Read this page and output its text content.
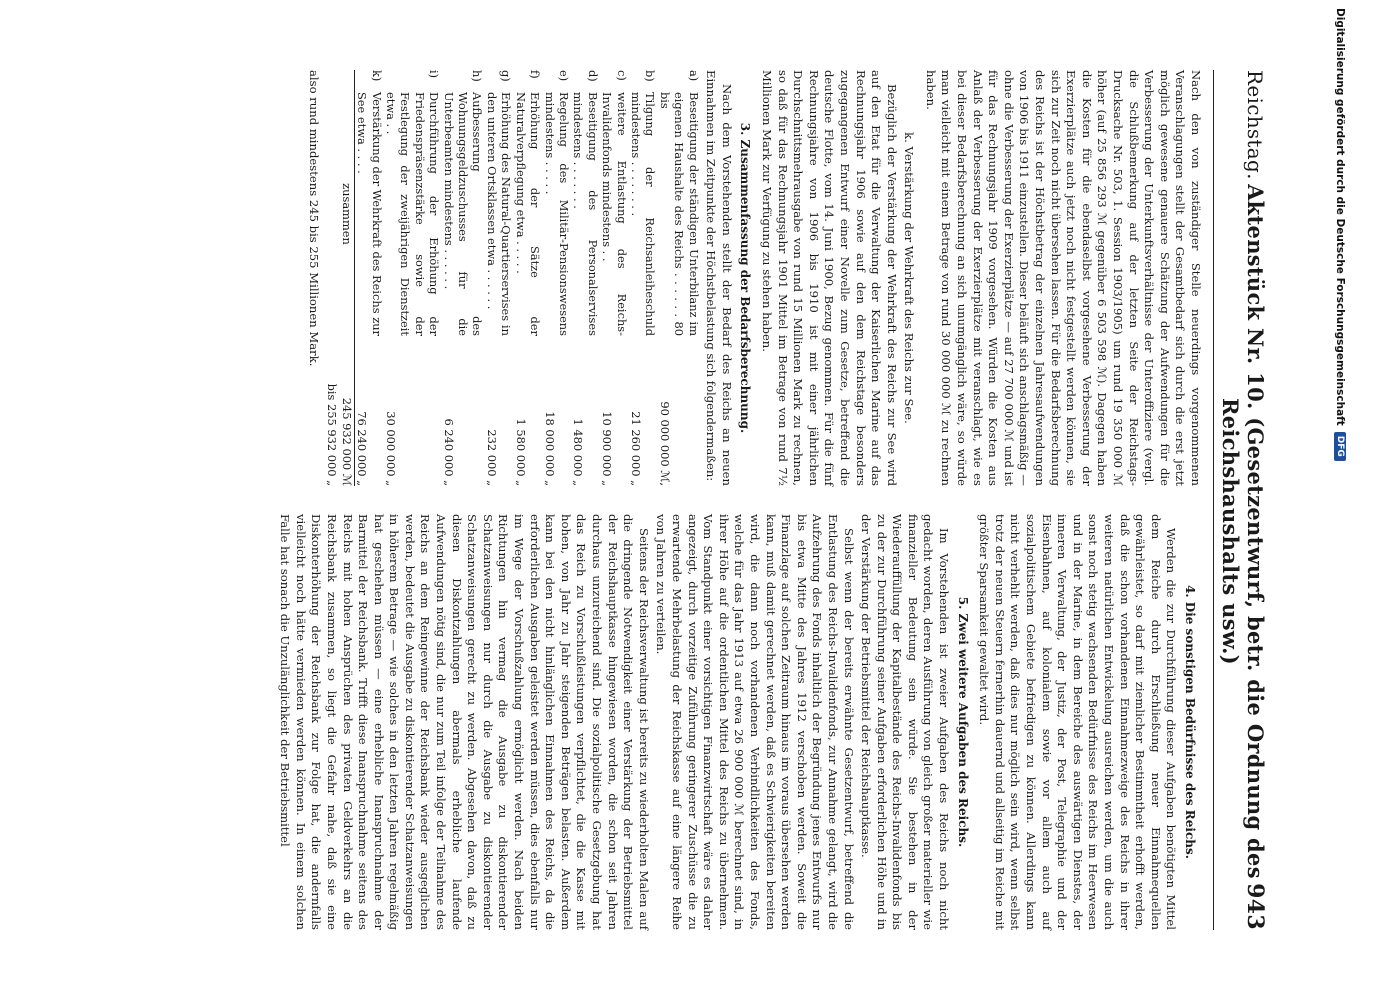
Reichstag.
Aktenstück Nr. 10. (Gesetzentwurf, betr. die Ordnung des Reichshaushalts usw.)
943

Nach den von zuständiger Stelle neuerdings vorgenommenen Veranschlagungen stellt der Gesamtbedarf sich durch die erst jetzt möglich gewesene genauere Schätzung der Aufwendungen für die Verbesserung der Unterkunftsverhältnisse der Unteroffiziere (vergl. die Schlußbemerkung auf der letzten Seite der Reichstags-Drucksache Nr. 503, 1. Session 1903/1905) um rund 19 350 000 ℳ höher (auf 25 856 293 ℳ gegenüber 6 503 598 ℳ). Dagegen haben die Kosten für die ebendaselbst vorgesehene Verbesserung der Exerzierplätze auch jetzt noch nicht festgestellt werden können, sie sich zur Zeit noch nicht übersehen lassen. Für die Bedarfsberechnung des Reichs ist der Höchstbetrag der einzelnen Jahresaufwendungen von 1906 bis 1911 einzustellen. Dieser beläuft sich anschlagsmäßig — ohne die Verbesserung der Exerzierplätze — auf 27 700 000 ℳ und ist für das Rechnungsjahr 1909 vorgesehen. Würden die Kosten aus Anlaß der Verbesserung der Exerzierplätze mit veranschlagt, wie es bei dieser Bedarfsberechnung an sich unumgänglich wäre, so würde man vielleicht mit einem Betrage von rund 30 000 000 ℳ zu rechnen haben.

k. Verstärkung der Wehrkraft des Reichs zur See.

Bezüglich der Verstärkung der Wehrkraft des Reichs zur See wird auf den Etat für die Verwaltung der Kaiserlichen Marine auf das Rechnungsjahr 1906 sowie auf den dem Reichstage besonders zugegangenen Entwurf einer Novelle zum Gesetze, betreffend die deutsche Flotte, vom 14. Juni 1900, Bezug genommen. Für die fünf Rechnungsjahre von 1906 bis 1910 ist mit einer jährlichen Durchschnittsmehrausgabe von rund 15 Millionen Mark zu rechnen, so daß für das Rechnungsjahr 1901 Mittel im Betrage von rund 7½ Millionen Mark zur Verfügung zu stehen haben.

3. Zusammenfassung der Bedarfsberechnung.

Nach dem Vorstehenden stellt der Bedarf des Reichs an neuen Einnahmen im Zeitpunkte der Höchstbelastung sich folgendermaßen:

a)	Beseitigung der ständigen Unterbilanz im eigenen Haushalte des Reichs . . . . . . 80 bis	90 000 000 ℳ,
b)	Tilgung der Reichsanleiheschuld mindestens . . . . . . . .	21 260 000 „
c)	weitere Entlastung des Reichs-Invalidenfonds mindestens . .	10 900 000 „
d)	Beseitigung des Personalservises mindestens . . . . . . .	1 480 000 „
e)	Regelung des Militär-Pensionswesens mindestens . . . . .	18 000 000 „
f)	Erhöhung der Sätze der Naturalverpflegung etwa . . . . .	1 580 000 „
g)	Erhöhung des Natural-Quartierservises in den unteren Ortsklassen etwa . . . . . .	232 000 „
h)	Aufbesserung des Wohnungsgeldzuschusses für die Unterbeamten mindestens . . . . . .	6 240 000 „
i)	Durchführung der Erhöhung der Friedenspräsenzstärke sowie der Festlegung der zweijährigen Dienstzeit etwa . .	30 000 000 „
k)	Verstärkung der Wehrkraft des Reichs zur See etwa . . . .	76 240 000 „
	zusammen	245 932 000 ℳ
		bis 255 932 000 „

also rund mindestens 245 bis 255 Millionen Mark.

4. Die sonstigen Bedürfnisse des Reichs.

Werden die zur Durchführung dieser Aufgaben benötigten Mittel dem Reiche durch Erschließung neuer Einnahmequellen gewährleistet, so darf mit ziemlicher Bestimmtheit erhofft werden, daß die schon vorhandenen Einnahmezweige des Reichs in ihrer weiteren natürlichen Entwickelung ausreichen werden, um die auch sonst noch stetig wachsenden Bedürfnisse des Reichs im Heerwesen und in der Marine, in dem Bereiche des auswärtigen Dienstes, der inneren Verwaltung, der Justiz, der Post, Telegraphie und der Eisenbahnen, auf kolonialem sowie vor allem auch auf sozialpolitischem Gebiete befriedigen zu können. Allerdings kann nicht verhehlt werden, daß dies nur möglich sein wird, wenn selbst trotz der neuen Steuern fernerhin dauernd und allseitig im Reiche mit größter Sparsamkeit gewaltet wird.

5. Zwei weitere Aufgaben des Reichs.

Im Vorstehenden ist zweier Aufgaben des Reichs noch nicht gedacht worden, deren Ausführung von gleich großer materieller wie finanzieller Bedeutung sein würde. Sie bestehen in der Wiederauffüllung der Kapitalbestände des Reichs-Invalidenfonds bis zu der zur Durchführung seiner Aufgaben erforderlichen Höhe und in der Verstärkung der Betriebsmittel der Reichshauptkasse.

Selbst wenn der bereits erwähnte Gesetzentwurf, betreffend die Entlastung des Reichs-Invalidenfonds, zur Annahme gelangt, wird die Aufzehrung des Fonds inhaltlich der Begründung jenes Entwurfs nur bis etwa Mitte des Jahres 1912 verschoben werden. Soweit die Finanzlage auf solchen Zeitraum hinaus im voraus übersehen werden kann, muß damit gerechnet werden, daß es Schwierigkeiten bereiten wird, die dann noch vorhandenen Verbindlichkeiten des Fonds, welche für das Jahr 1913 auf etwa 26 900 000 ℳ berechnet sind, in ihrer Höhe auf die ordentlichen Mittel des Reichs zu übernehmen. Vom Standpunkt einer vorsichtigen Finanzwirtschaft wäre es daher angezeigt, durch vorzeitige Zuführung geringerer Zuschüsse die zu erwartende Mehrbelastung der Reichskasse auf eine längere Reihe von Jahren zu verteilen.

Seitens der Reichsverwaltung ist bereits zu wiederholten Malen auf die dringende Notwendigkeit einer Verstärkung der Betriebsmittel der Reichshauptkasse hingewiesen worden, die schon seit Jahren durchaus unzureichend sind. Die sozialpolitische Gesetzgebung hat das Reich zu Vorschußleistungen verpflichtet, die die Kasse mit hohen, von Jahr zu Jahr steigenden Beträgen belasten. Außerdem kann bei den nicht hinlänglichen Einnahmen des Reichs, da die erforderlichen Ausgaben geleistet werden müssen, dies ebenfalls nur im Wege der Vorschußzahlung ermöglicht werden. Nach beiden Richtungen hin vermag die Ausgabe zu diskontierender Schatzanweisungen nur durch die Ausgabe zu diskontierender Schatzanweisungen gerecht zu werden. Abgesehen davon, daß zu diesen Diskontzahlungen abermals erhebliche laufende Aufwendungen nötig sind, die nur zum Teil infolge der Teilnahme des Reichs an dem Reingewinne der Reichsbank wieder ausgeglichen werden, bedeutet die Ausgabe zu diskontierender Schatzanweisungen in höherem Betrage — wie solches in den letzten Jahren regelmäßig hat geschehen müssen — eine erhebliche Inanspruchnahme der Barmittel der Reichsbank. Trifft diese Inanspruchnahme seitens des Reichs mit hohen Ansprüchen des privaten Geldverkehrs an die Reichsbank zusammen, so liegt die Gefahr nahe, daß sie eine Diskonterhöhung der Reichsbank zur Folge hat, die andernfalls vielleicht noch hätte vermieden werden können. In einem solchen Falle hat sonach die Unzulänglichkeit der Betriebsmittel

Digitalisierung gefördert durch die Deutsche Forschungsgemeinschaft
DFG
